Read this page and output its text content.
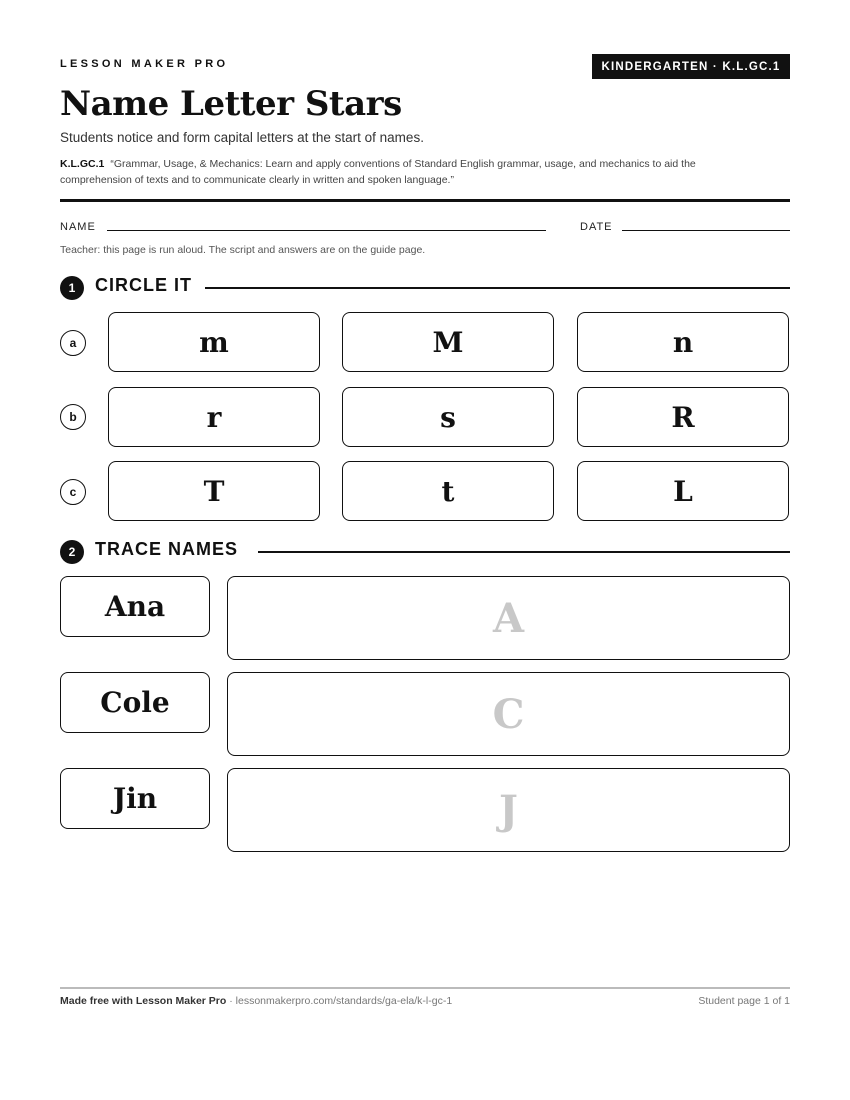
LESSON MAKER PRO	KINDERGARTEN · K.L.GC.1
Name Letter Stars
Students notice and form capital letters at the start of names.
K.L.GC.1 “Grammar, Usage, & Mechanics: Learn and apply conventions of Standard English grammar, usage, and mechanics to aid the comprehension of texts and to communicate clearly in written and spoken language.”
NAME	DATE
Teacher: this page is run aloud. The script and answers are on the guide page.
1	CIRCLE IT
a	m	M	n
b	r	s	R
c	T	t	L
2	TRACE NAMES
Ana	A
Cole	C
Jin	J
Made free with Lesson Maker Pro · lessonmakerpro.com/standards/ga-ela/k-l-gc-1	Student page 1 of 1
